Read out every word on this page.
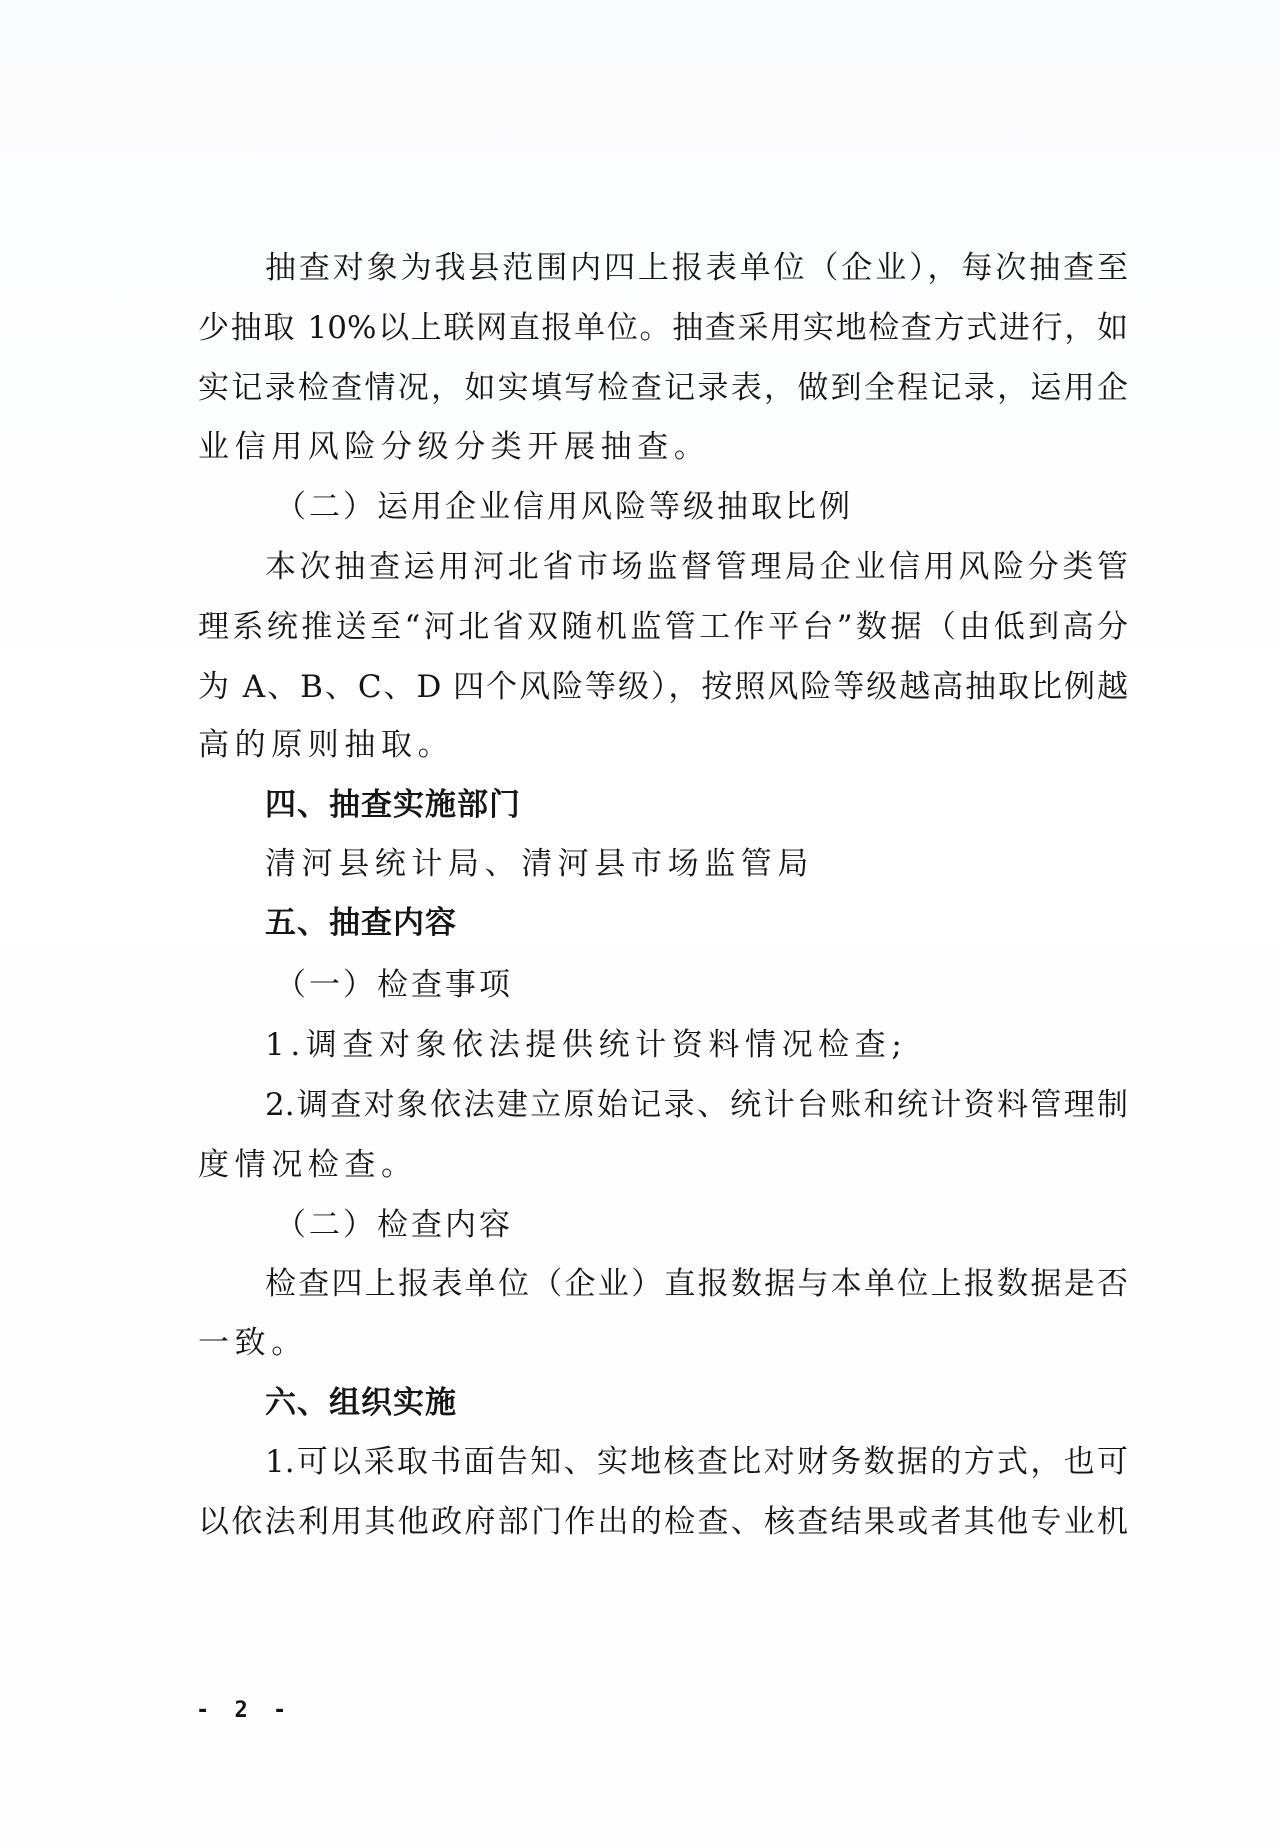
抽查对象为我县范围内四上报表单位（企业），每次抽查至
少抽取 10%以上联网直报单位。抽查采用实地检查方式进行，如
实记录检查情况，如实填写检查记录表，做到全程记录，运用企
业信用风险分级分类开展抽查。
（二）运用企业信用风险等级抽取比例
本次抽查运用河北省市场监督管理局企业信用风险分类管
理系统推送至“河北省双随机监管工作平台”数据（由低到高分
为 A、B、C、D 四个风险等级），按照风险等级越高抽取比例越
高的原则抽取。
四、抽查实施部门
清河县统计局、清河县市场监管局
五、抽查内容
（一）检查事项
1.调查对象依法提供统计资料情况检查;
2.调查对象依法建立原始记录、统计台账和统计资料管理制
度情况检查。
（二）检查内容
检查四上报表单位（企业）直报数据与本单位上报数据是否
一致。
六、组织实施
1.可以采取书面告知、实地核查比对财务数据的方式，也可
以依法利用其他政府部门作出的检查、核查结果或者其他专业机
- 2 -
